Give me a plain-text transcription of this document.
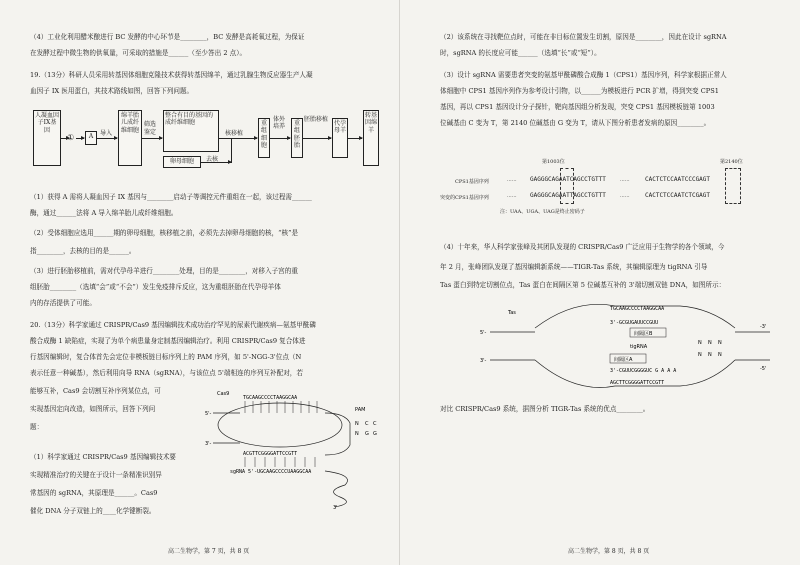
（4）工业化利用醋米酿进行 BC 发酵的中心环节是________，BC 发酵是高耗氧过程，为保证
在发酵过程中微生物的供氧量，可采取的措施是______（至少答出 2 点）。
19.（13分）科研人员采用转基因体细胞克隆技术获得转基因绵羊，通过乳腺生物反应器生产人凝
血因子 IX 医用蛋白，其技术路线如图，回答下列问题。
人凝血因子IX基因
①	A	导入
绵羊胎儿成纤维细胞
筛选鉴定
整合有目的基因的成纤维细胞
卵母细胞	去核
核移植
重组细胞
体外培养	重组胚胎
胚胎移植
代孕母羊
转基因绵羊
（1）获得 A 需将人凝血因子 IX 基因与________启动子等调控元件重组在一起，该过程需______
酶，通过______法将 A 导入绵羊胎儿成纤维细胞。
（2）受体细胞应选用______期的卵母细胞，核移植之前，必须先去掉卵母细胞的核，“核”是
指________，去核的目的是______。
（3）进行胚胎移植前，需对代孕母羊进行________处理，目的是________，对移入子宫的重
组胚胎________（选填“会”或“不会”）发生免疫排斥反应，这为重组胚胎在代孕母羊体
内的存活提供了可能。
20.（13分）科学家通过 CRISPR/Cas9 基因编辑技术成功治疗罕见的尿素代谢疾病—氨基甲酰磷
酸合成酶 1 缺陷症，实现了为单个病患量身定制基因编辑治疗。利用 CRISPR/Cas9 复合体进
行基因编辑时，复合体首先会定位非模板链目标序列上的 PAM 序列，如 5'-NGG-3'位点（N
表示任意一种碱基），然后利用向导 RNA（sgRNA），与该位点 5'端相连的序列互补配对，若
能够互补，Cas9 会切割互补序列某位点，可
实现基因定向改造，如图所示，回答下列问
题：
（1）科学家通过 CRISPR/Cas9 基因编辑技术要
实现精准治疗的关键在于设计一条精准识别异
常基因的 sgRNA，其原理是______。Cas9
催化 DNA 分子双链上的____化学键断裂。
Cas9
5'-
TGCAAGCCCCTAAGGCAA
PAM
N C C
N G G
3'-
ACGTTCGGGGATTCCGTT
sgRNA 5'-UGCAAGCCCCUAAGGCAA
3'
高二生物学，第 7 页，共 8 页
（2）该系统在寻找靶位点时，可能在非目标位置发生切割，原因是________，因此在设计 sgRNA
时，sgRNA 的长度应可能______（选填“长”或“短”）。
（3）设计 sgRNA 需要患者突变的氨基甲酰磷酸合成酶 1（CPS1）基因序列，科学家根据正常人
体细胞中 CPS1 基因序列作为参考设计引物，以______为模板进行 PCR 扩增，得到突变 CPS1
基因，再以 CPS1 基因设计分子探针，靶向基因组分析发现，突变 CPS1 基因模板链第 1003
位碱基由 C 变为 T，第 2140 位碱基由 G 变为 T，请从下图分析患者发病的原因________。
第1003位	第2140位
CPS1基因序列	······ GAGGGCAGAATCAGCCTGTTT	······	CACTCTCCAATCCCGAGT
突变的CPS1基因序列	······ GAGGGCAGAATTAGCCTGTTT	······	CACTCTCCAATCTCGAGT
注：UAA、UGA、UAG是终止密码子
（4）十年来，华人科学家张峰及其团队发现的 CRISPR/Cas9 广泛应用于生物学的各个领域，今
年 2 月，张峰团队发现了基因编辑新系统——TIGR-Tas 系统，其编辑原理为 tigRNA 引导
Tas 蛋白到特定切割位点，Tas 蛋白在间隔区第 5 位碱基互补的 3'端切割双链 DNA，如图所示：
Tas
TGCAAGCCCCTAAGGCAA
3'-GCGUGAUUCCGUU
间隔区B
tigRNA
间隔区A
3'-CGUUCGGGGUC G A A A
AGCTTCGGGGATTCCGTT
5'-
-3'
3'-
-5'
N N N
N N N
对比 CRISPR/Cas9 系统，据图分析 TIGR-Tas 系统的优点________。
高二生物学，第 8 页，共 8 页
